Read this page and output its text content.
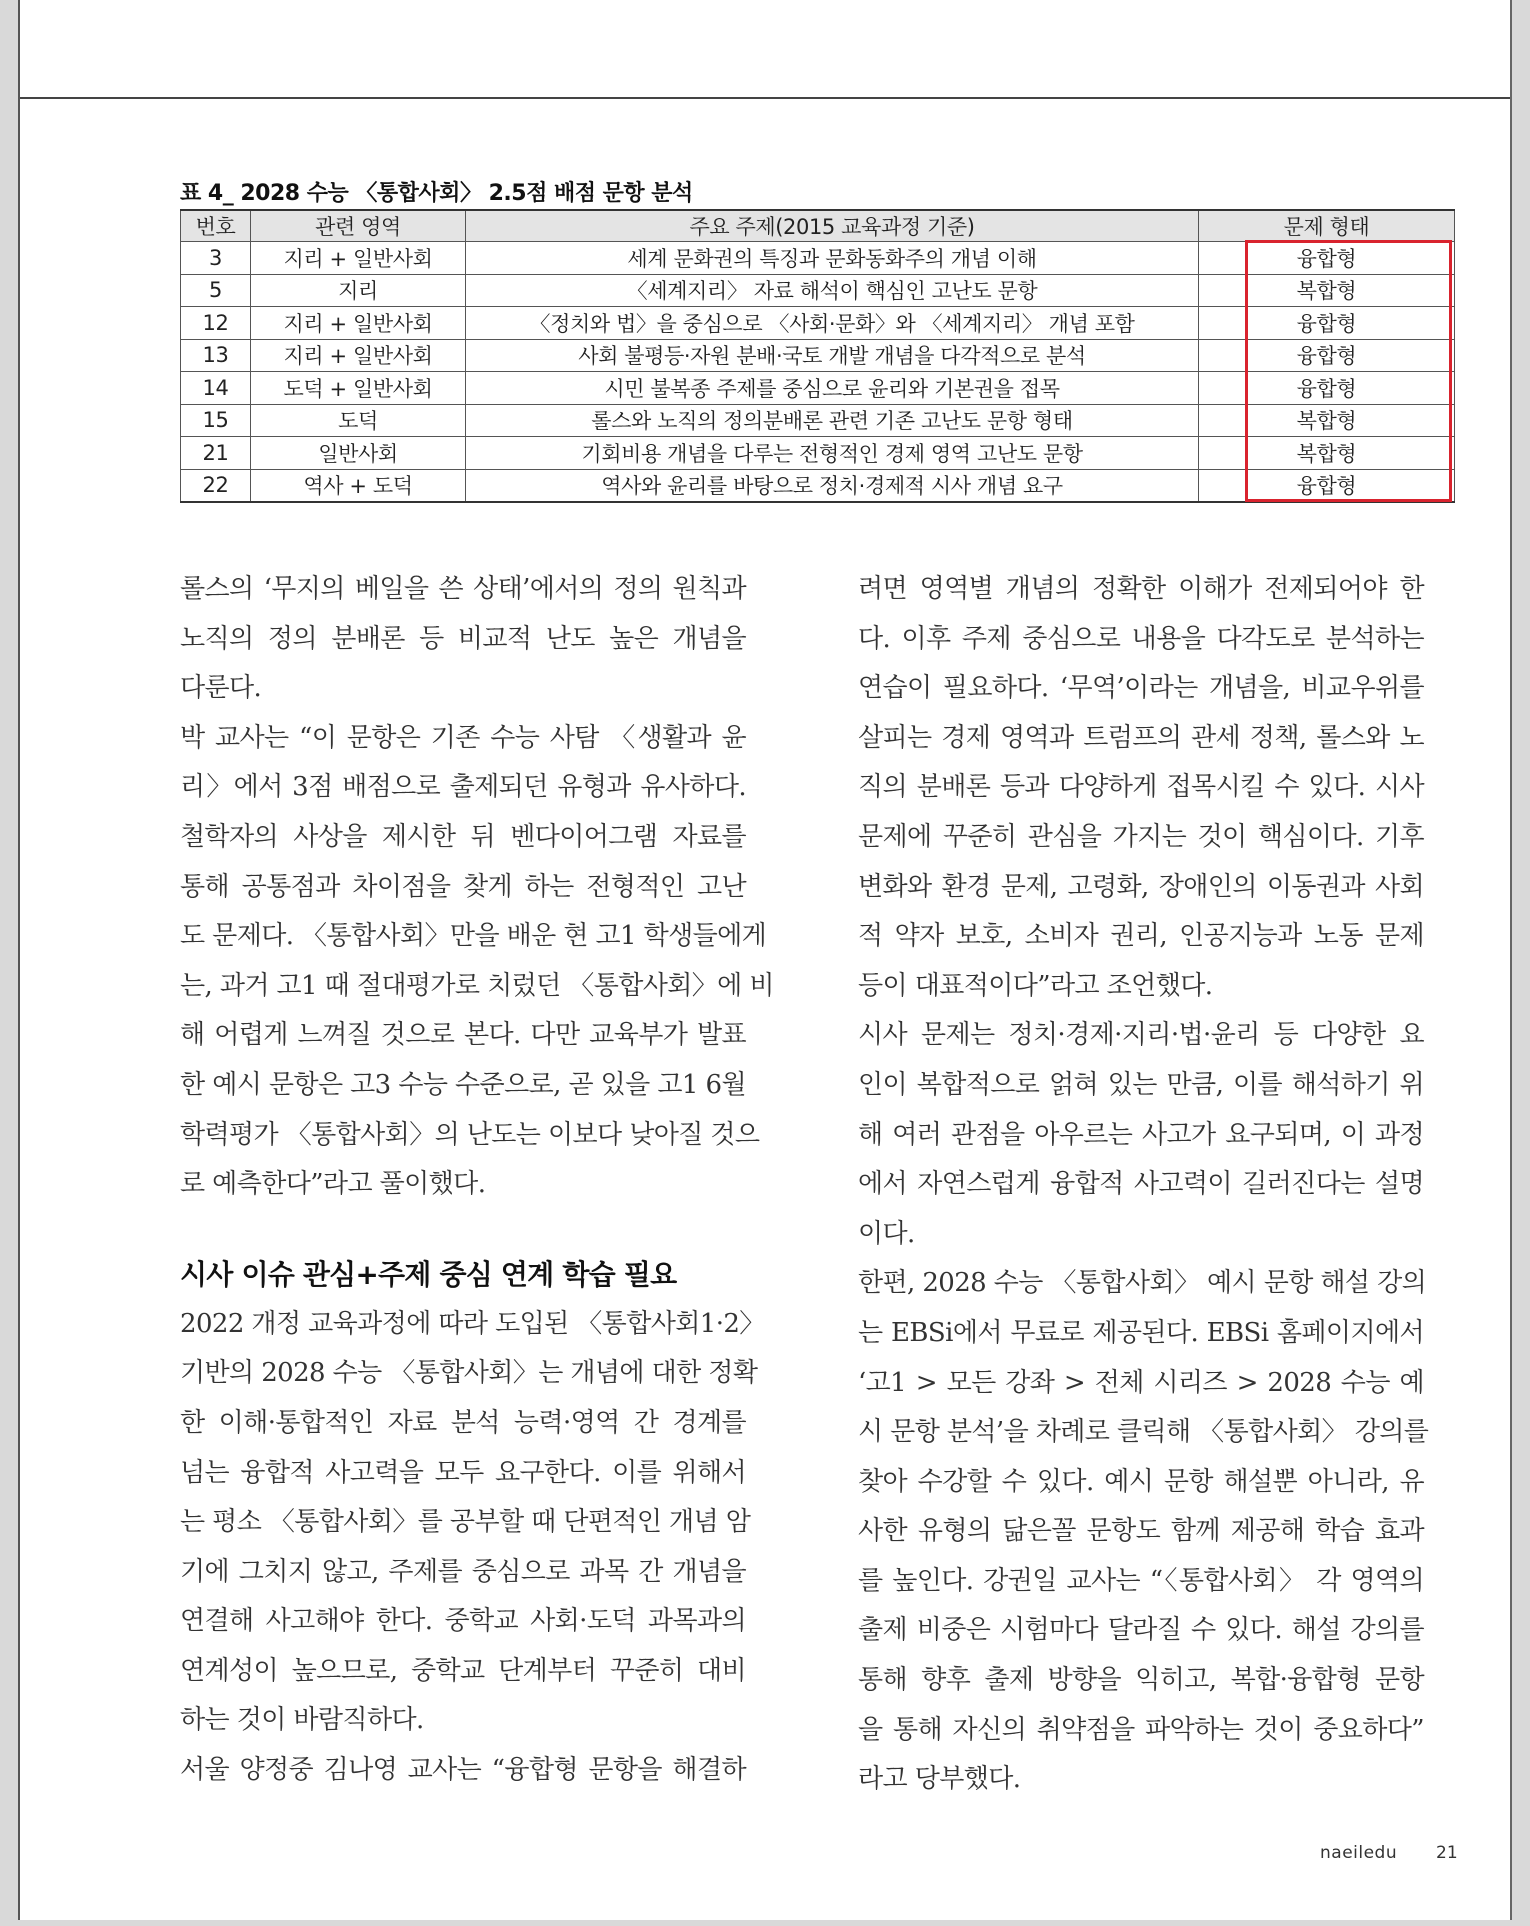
표 4_ 2028 수능 〈통합사회〉 2.5점 배점 문항 분석
번호	관련 영역	주요 주제(2015 교육과정 기준)	문제 형태
3	지리 + 일반사회	세계 문화권의 특징과 문화동화주의 개념 이해	융합형
5	지리	〈세계지리〉 자료 해석이 핵심인 고난도 문항	복합형
12	지리 + 일반사회	〈정치와 법〉을 중심으로 〈사회·문화〉와 〈세계지리〉 개념 포함	융합형
13	지리 + 일반사회	사회 불평등·자원 분배·국토 개발 개념을 다각적으로 분석	융합형
14	도덕 + 일반사회	시민 불복종 주제를 중심으로 윤리와 기본권을 접목	융합형
15	도덕	롤스와 노직의 정의분배론 관련 기존 고난도 문항 형태	복합형
21	일반사회	기회비용 개념을 다루는 전형적인 경제 영역 고난도 문항	복합형
22	역사 + 도덕	역사와 윤리를 바탕으로 정치·경제적 시사 개념 요구	융합형

롤스의 ‘무지의 베일을 쓴 상태’에서의 정의 원칙과

노직의 정의 분배론 등 비교적 난도 높은 개념을

다룬다.

박 교사는 “이 문항은 기존 수능 사탐 〈생활과 윤

리〉에서 3점 배점으로 출제되던 유형과 유사하다.

철학자의 사상을 제시한 뒤 벤다이어그램 자료를

통해 공통점과 차이점을 찾게 하는 전형적인 고난

도 문제다. 〈통합사회〉만을 배운 현 고1 학생들에게

는, 과거 고1 때 절대평가로 치렀던 〈통합사회〉에 비

해 어렵게 느껴질 것으로 본다. 다만 교육부가 발표

한 예시 문항은 고3 수능 수준으로, 곧 있을 고1 6월

학력평가 〈통합사회〉의 난도는 이보다 낮아질 것으

로 예측한다”라고 풀이했다.

시사 이슈 관심+주제 중심 연계 학습 필요

2022 개정 교육과정에 따라 도입된 〈통합사회1·2〉

기반의 2028 수능 〈통합사회〉는 개념에 대한 정확

한 이해·통합적인 자료 분석 능력·영역 간 경계를

넘는 융합적 사고력을 모두 요구한다. 이를 위해서

는 평소 〈통합사회〉를 공부할 때 단편적인 개념 암

기에 그치지 않고, 주제를 중심으로 과목 간 개념을

연결해 사고해야 한다. 중학교 사회·도덕 과목과의

연계성이 높으므로, 중학교 단계부터 꾸준히 대비

하는 것이 바람직하다.

서울 양정중 김나영 교사는 “융합형 문항을 해결하

려면 영역별 개념의 정확한 이해가 전제되어야 한

다. 이후 주제 중심으로 내용을 다각도로 분석하는

연습이 필요하다. ‘무역’이라는 개념을, 비교우위를

살피는 경제 영역과 트럼프의 관세 정책, 롤스와 노

직의 분배론 등과 다양하게 접목시킬 수 있다. 시사

문제에 꾸준히 관심을 가지는 것이 핵심이다. 기후

변화와 환경 문제, 고령화, 장애인의 이동권과 사회

적 약자 보호, 소비자 권리, 인공지능과 노동 문제

등이 대표적이다”라고 조언했다.

시사 문제는 정치·경제·지리·법·윤리 등 다양한 요

인이 복합적으로 얽혀 있는 만큼, 이를 해석하기 위

해 여러 관점을 아우르는 사고가 요구되며, 이 과정

에서 자연스럽게 융합적 사고력이 길러진다는 설명

이다.

한편, 2028 수능 〈통합사회〉 예시 문항 해설 강의

는 EBSi에서 무료로 제공된다. EBSi 홈페이지에서

‘고1 > 모든 강좌 > 전체 시리즈 > 2028 수능 예

시 문항 분석’을 차례로 클릭해 〈통합사회〉 강의를

찾아 수강할 수 있다. 예시 문항 해설뿐 아니라, 유

사한 유형의 닮은꼴 문항도 함께 제공해 학습 효과

를 높인다. 강권일 교사는 “〈통합사회〉 각 영역의

출제 비중은 시험마다 달라질 수 있다. 해설 강의를

통해 향후 출제 방향을 익히고, 복합·융합형 문항

을 통해 자신의 취약점을 파악하는 것이 중요하다”

라고 당부했다.

naeiledu 21
